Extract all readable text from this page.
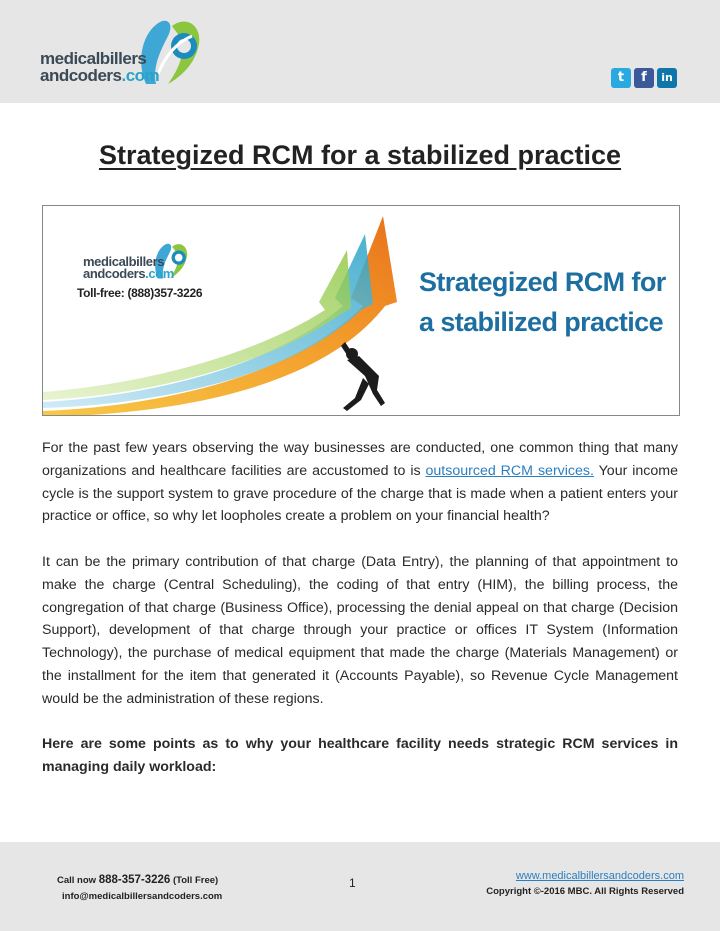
medicalbillers
andcoders.com	t	f	in
Strategized RCM for a stabilized practice
medicalbillers
andcoders.com
Toll-free: (888)357-3226	Strategized RCM for
a stabilized practice

For the past few years observing the way businesses are conducted, one common thing that many organizations and healthcare facilities are accustomed to is outsourced RCM services. Your income cycle is the support system to grave procedure of the charge that is made when a patient enters your practice or office, so why let loopholes create a problem on your financial health?

It can be the primary contribution of that charge (Data Entry), the planning of that appointment to make the charge (Central Scheduling), the coding of that entry (HIM), the billing process, the congregation of that charge (Business Office), processing the denial appeal on that charge (Decision Support), development of that charge through your practice or offices IT System (Information Technology), the purchase of medical equipment that made the charge (Materials Management) or the installment for the item that generated it (Accounts Payable), so Revenue Cycle Management would be the administration of these regions.

Here are some points as to why your healthcare facility needs strategic RCM services in managing daily workload:

Call now 888-357-3226 (Toll Free)
info@medicalbillersandcoders.com
1	www.medicalbillersandcoders.com
Copyright ©-2016 MBC. All Rights Reserved
